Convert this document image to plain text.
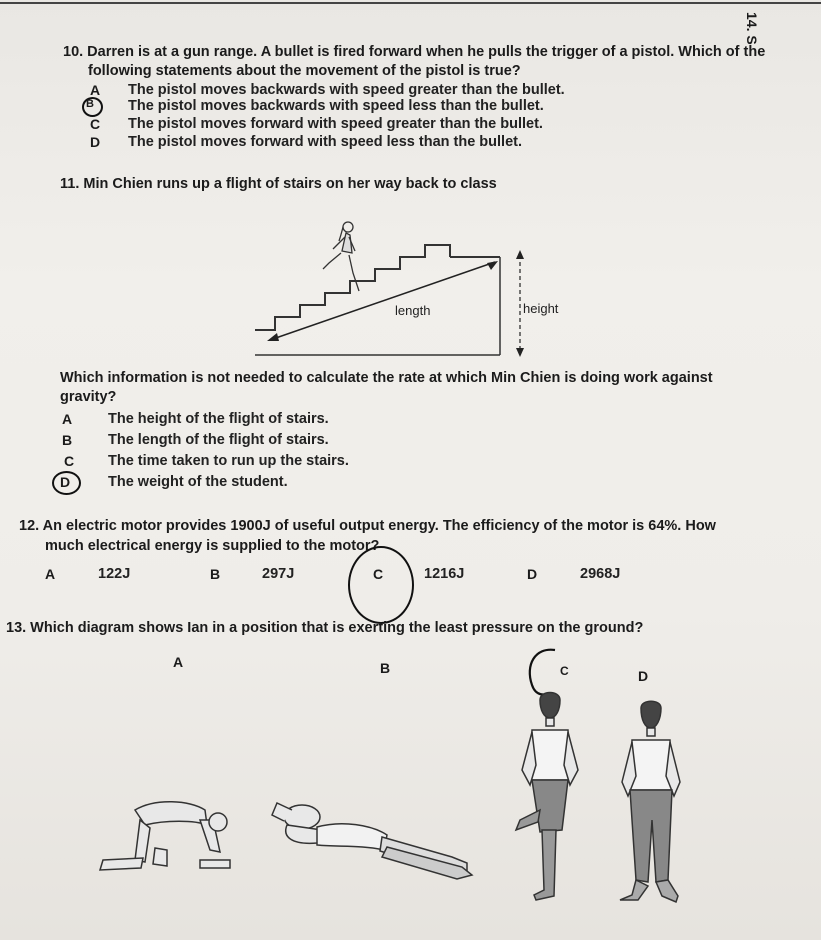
14. S
10. Darren is at a gun range. A bullet is fired forward when he pulls the trigger of a pistol. Which of the
following statements about the movement of the pistol is true?
A The pistol moves backwards with speed greater than the bullet.
B The pistol moves backwards with speed less than the bullet.
C The pistol moves forward with speed greater than the bullet.
D The pistol moves forward with speed less than the bullet.
11. Min Chien runs up a flight of stairs on her way back to class
length	height
Which information is not needed to calculate the rate at which Min Chien is doing work against
gravity?
A The height of the flight of stairs.
B The length of the flight of stairs.
C The time taken to run up the stairs.
D	The weight of the student.
12. An electric motor provides 1900J of useful output energy. The efficiency of the motor is 64%. How
much electrical energy is supplied to the motor?
A	122J	B	297J	C	1216J	D	2968J
13. Which diagram shows Ian in a position that is exerting the least pressure on the ground?
A	B	C	D
